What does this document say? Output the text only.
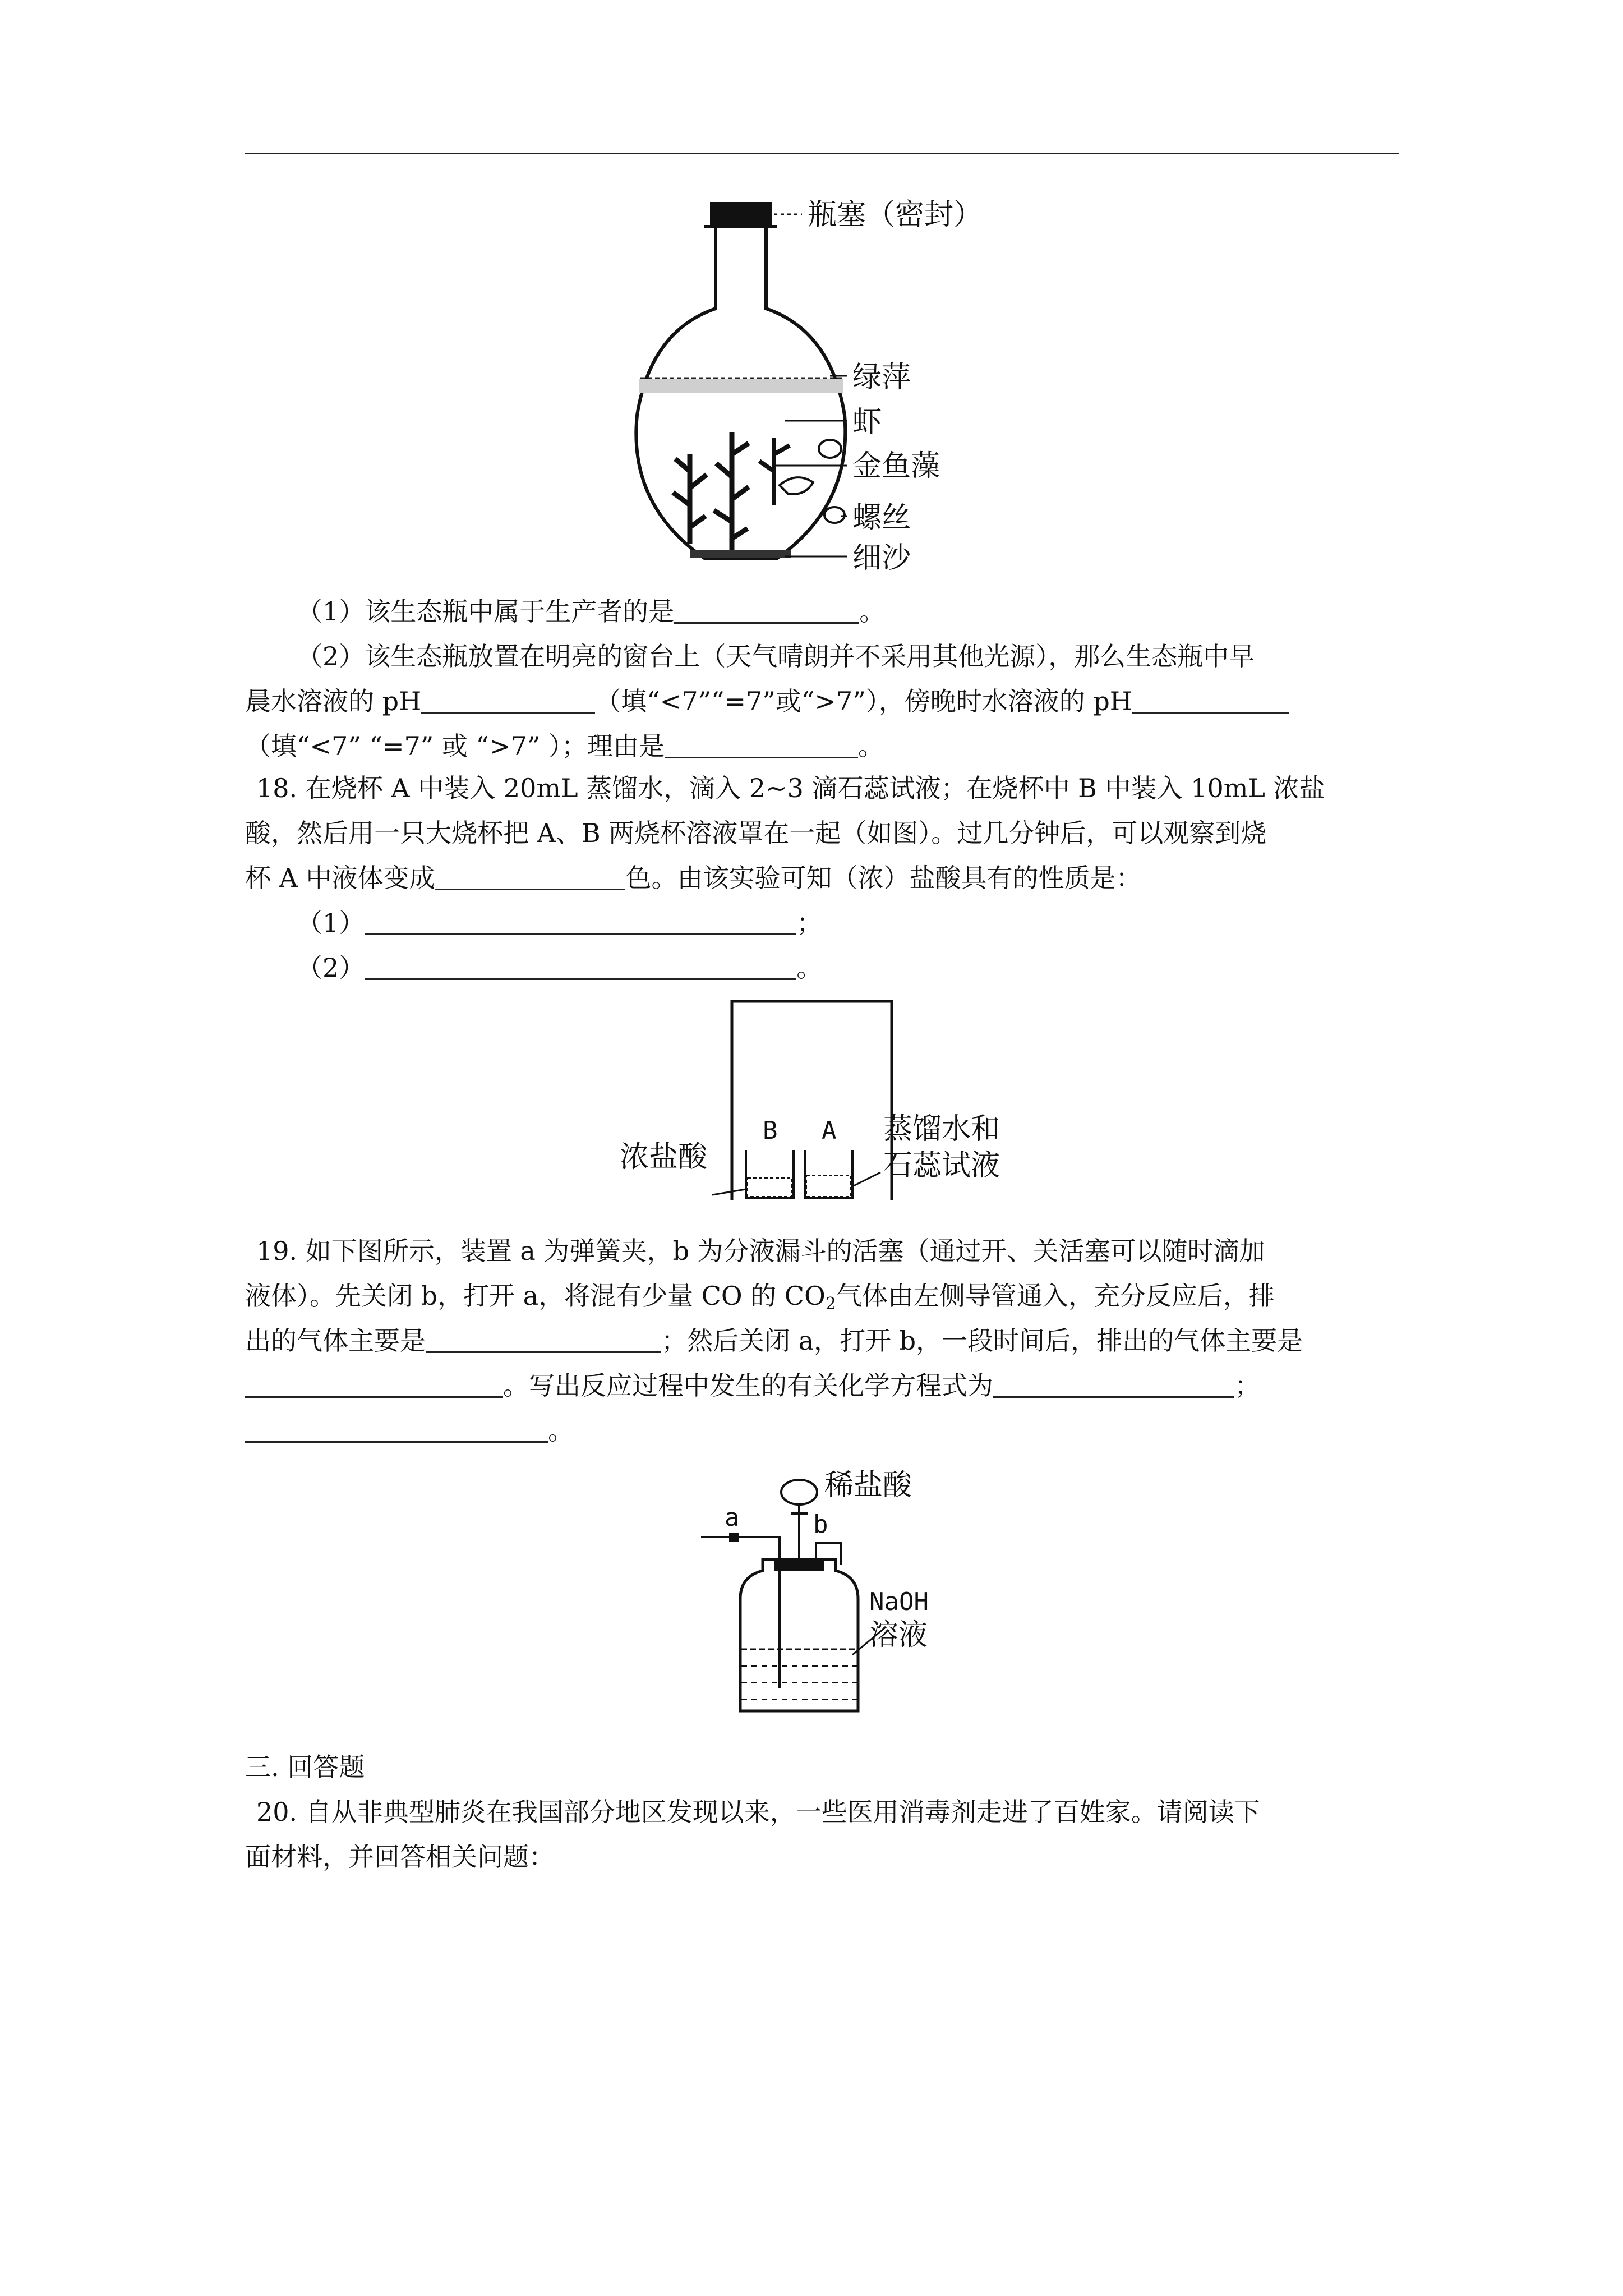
瓶塞（密封）
绿萍
虾
金鱼藻
螺丝
细沙
（1）该生态瓶中属于生产者的是	。
（2）该生态瓶放置在明亮的窗台上（天气晴朗并不采用其他光源），那么生态瓶中早
晨水溶液的 pH	（填“<7”“=7”或“>7”），傍晚时水溶液的 pH
（填“<7” “=7” 或 “>7” ）；理由是	。
18. 在烧杯 A 中装入 20mL 蒸馏水，滴入 2~3 滴石蕊试液；在烧杯中 B 中装入 10mL 浓盐
酸，然后用一只大烧杯把 A、B 两烧杯溶液罩在一起（如图）。过几分钟后，可以观察到烧
杯 A 中液体变成	色。由该实验可知（浓）盐酸具有的性质是：
（1）	；
（2）	。
B A
浓盐酸
蒸馏水和
石蕊试液
19. 如下图所示，装置 a 为弹簧夹，b 为分液漏斗的活塞（通过开、关活塞可以随时滴加
液体）。先关闭 b，打开 a，将混有少量 CO 的 $CO_2$气体由左侧导管通入，充分反应后，排
出的气体主要是	；然后关闭 a，打开 b，一段时间后，排出的气体主要是
。写出反应过程中发生的有关化学方程式为	；
。
稀盐酸
a	b
NaOH
溶液
三. 回答题
20. 自从非典型肺炎在我国部分地区发现以来，一些医用消毒剂走进了百姓家。请阅读下
面材料，并回答相关问题：
